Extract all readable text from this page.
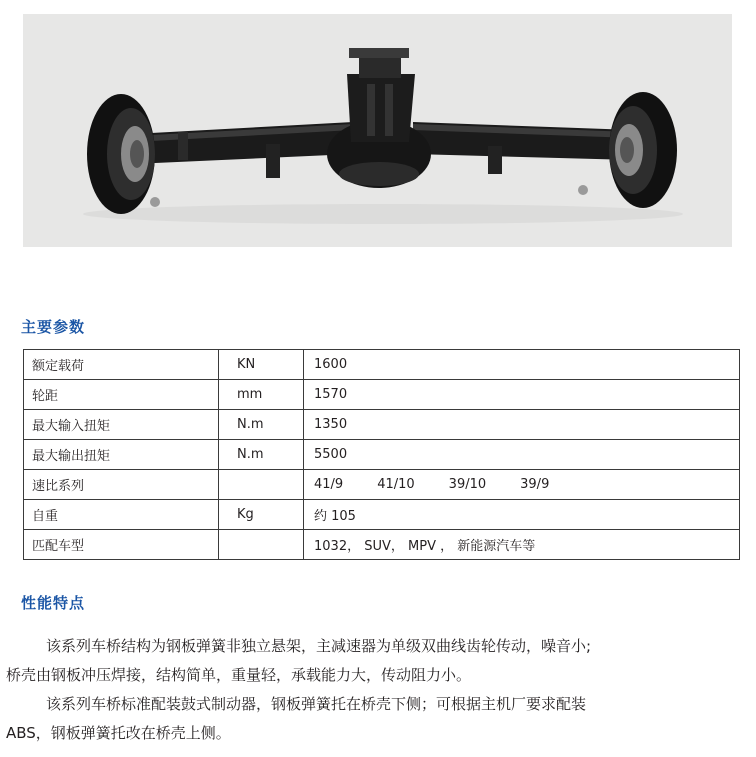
主要参数
额定载荷	KN	1600
轮距	mm	1570
最大输入扭矩	N.m	1350
最大输出扭矩	N.m	5500
速比系列		41/9 41/10 39/10 39/9
自重	Kg	约 105
匹配车型		1032， SUV， MPV ， 新能源汽车等
性能特点
该系列车桥结构为钢板弹簧非独立悬架，主减速器为单级双曲线齿轮传动，噪音小;
桥壳由钢板冲压焊接，结构简单，重量轻，承载能力大，传动阻力小。
该系列车桥标准配装鼓式制动器，钢板弹簧托在桥壳下侧；可根据主机厂要求配装
ABS，钢板弹簧托改在桥壳上侧。
